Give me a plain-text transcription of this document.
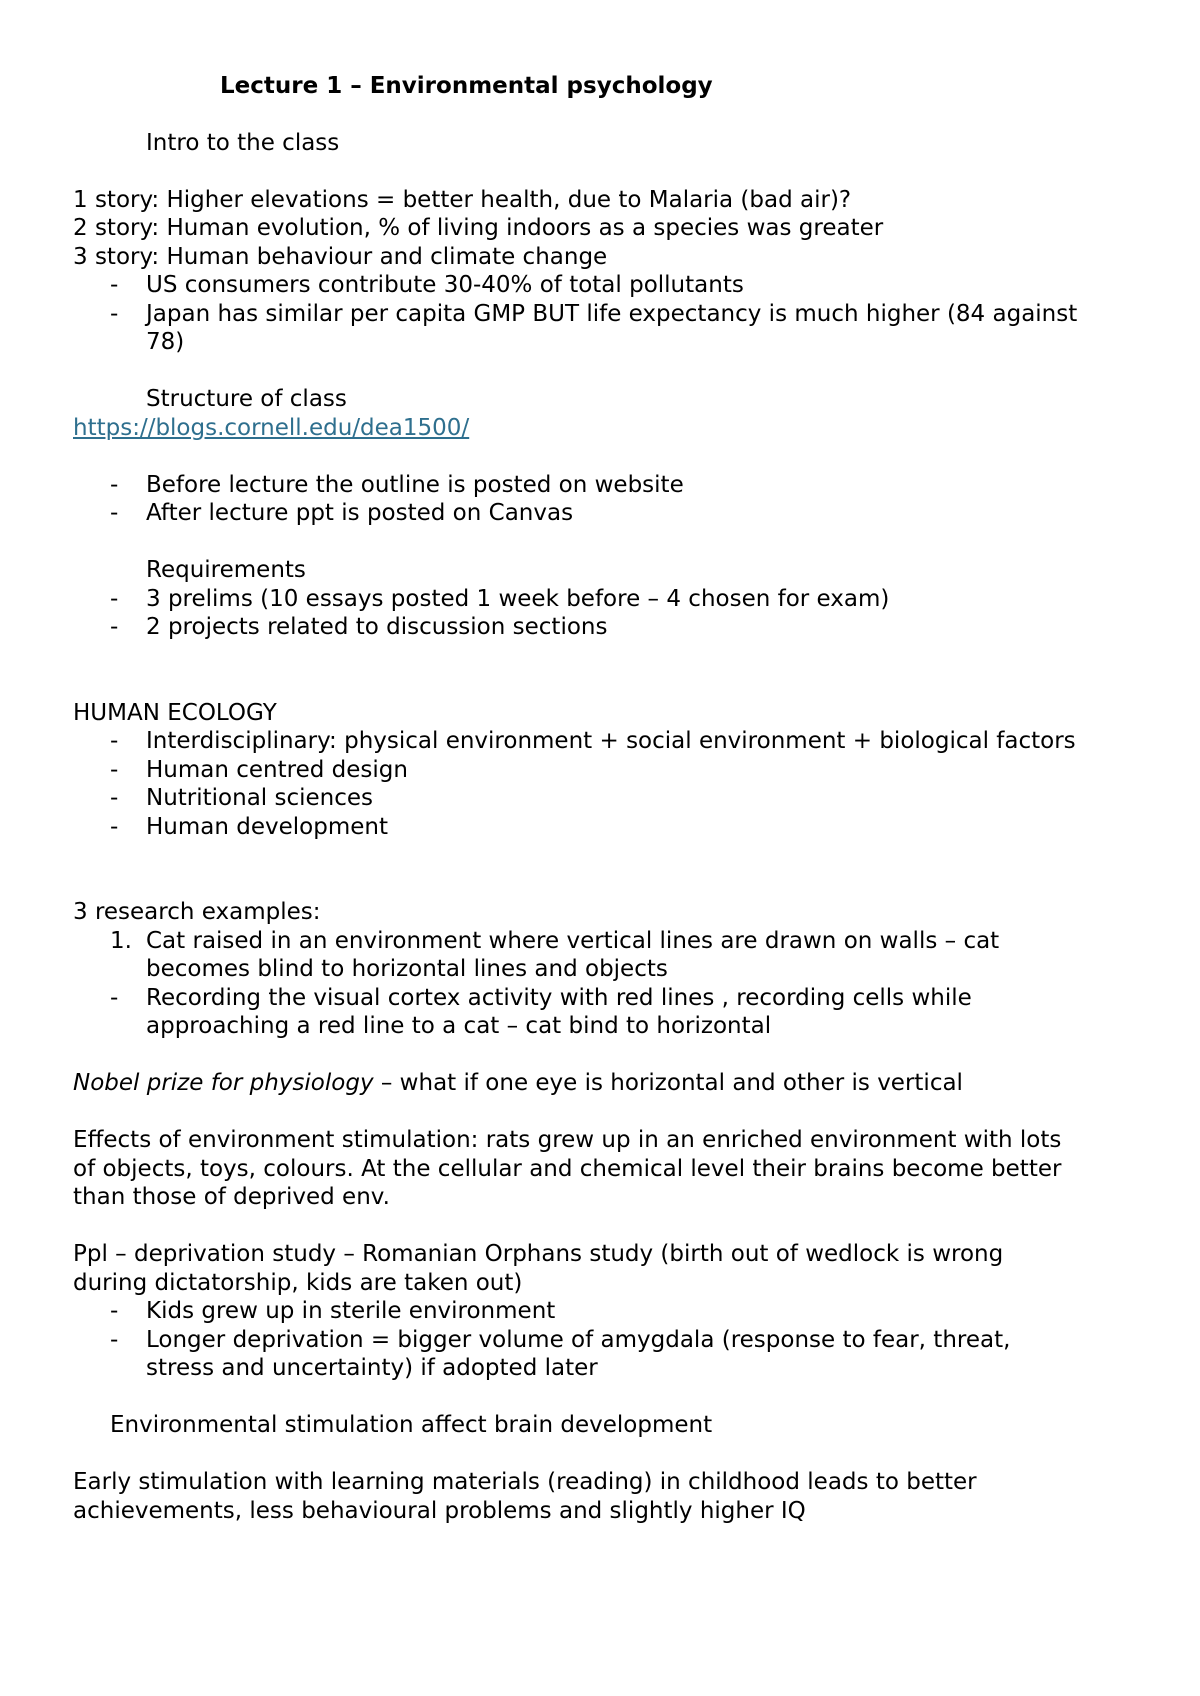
Lecture 1 – Environmental psychology
Intro to the class
1 story: Higher elevations = better health, due to Malaria (bad air)?
2 story: Human evolution, % of living indoors as a species was greater
3 story: Human behaviour and climate change
- US consumers contribute 30-40% of total pollutants
- Japan has similar per capita GMP BUT life expectancy is much higher (84 against
78)
Structure of class
https://blogs.cornell.edu/dea1500/
- Before lecture the outline is posted on website
- After lecture ppt is posted on Canvas
Requirements
- 3 prelims (10 essays posted 1 week before – 4 chosen for exam)
- 2 projects related to discussion sections
HUMAN ECOLOGY
- Interdisciplinary: physical environment + social environment + biological factors
- Human centred design
- Nutritional sciences
- Human development
3 research examples:
1. Cat raised in an environment where vertical lines are drawn on walls – cat
becomes blind to horizontal lines and objects
- Recording the visual cortex activity with red lines , recording cells while
approaching a red line to a cat – cat bind to horizontal
Nobel prize for physiology – what if one eye is horizontal and other is vertical
Effects of environment stimulation: rats grew up in an enriched environment with lots
of objects, toys, colours. At the cellular and chemical level their brains become better
than those of deprived env.
Ppl – deprivation study – Romanian Orphans study (birth out of wedlock is wrong
during dictatorship, kids are taken out)
- Kids grew up in sterile environment
- Longer deprivation = bigger volume of amygdala (response to fear, threat,
stress and uncertainty) if adopted later
Environmental stimulation affect brain development
Early stimulation with learning materials (reading) in childhood leads to better
achievements, less behavioural problems and slightly higher IQ
